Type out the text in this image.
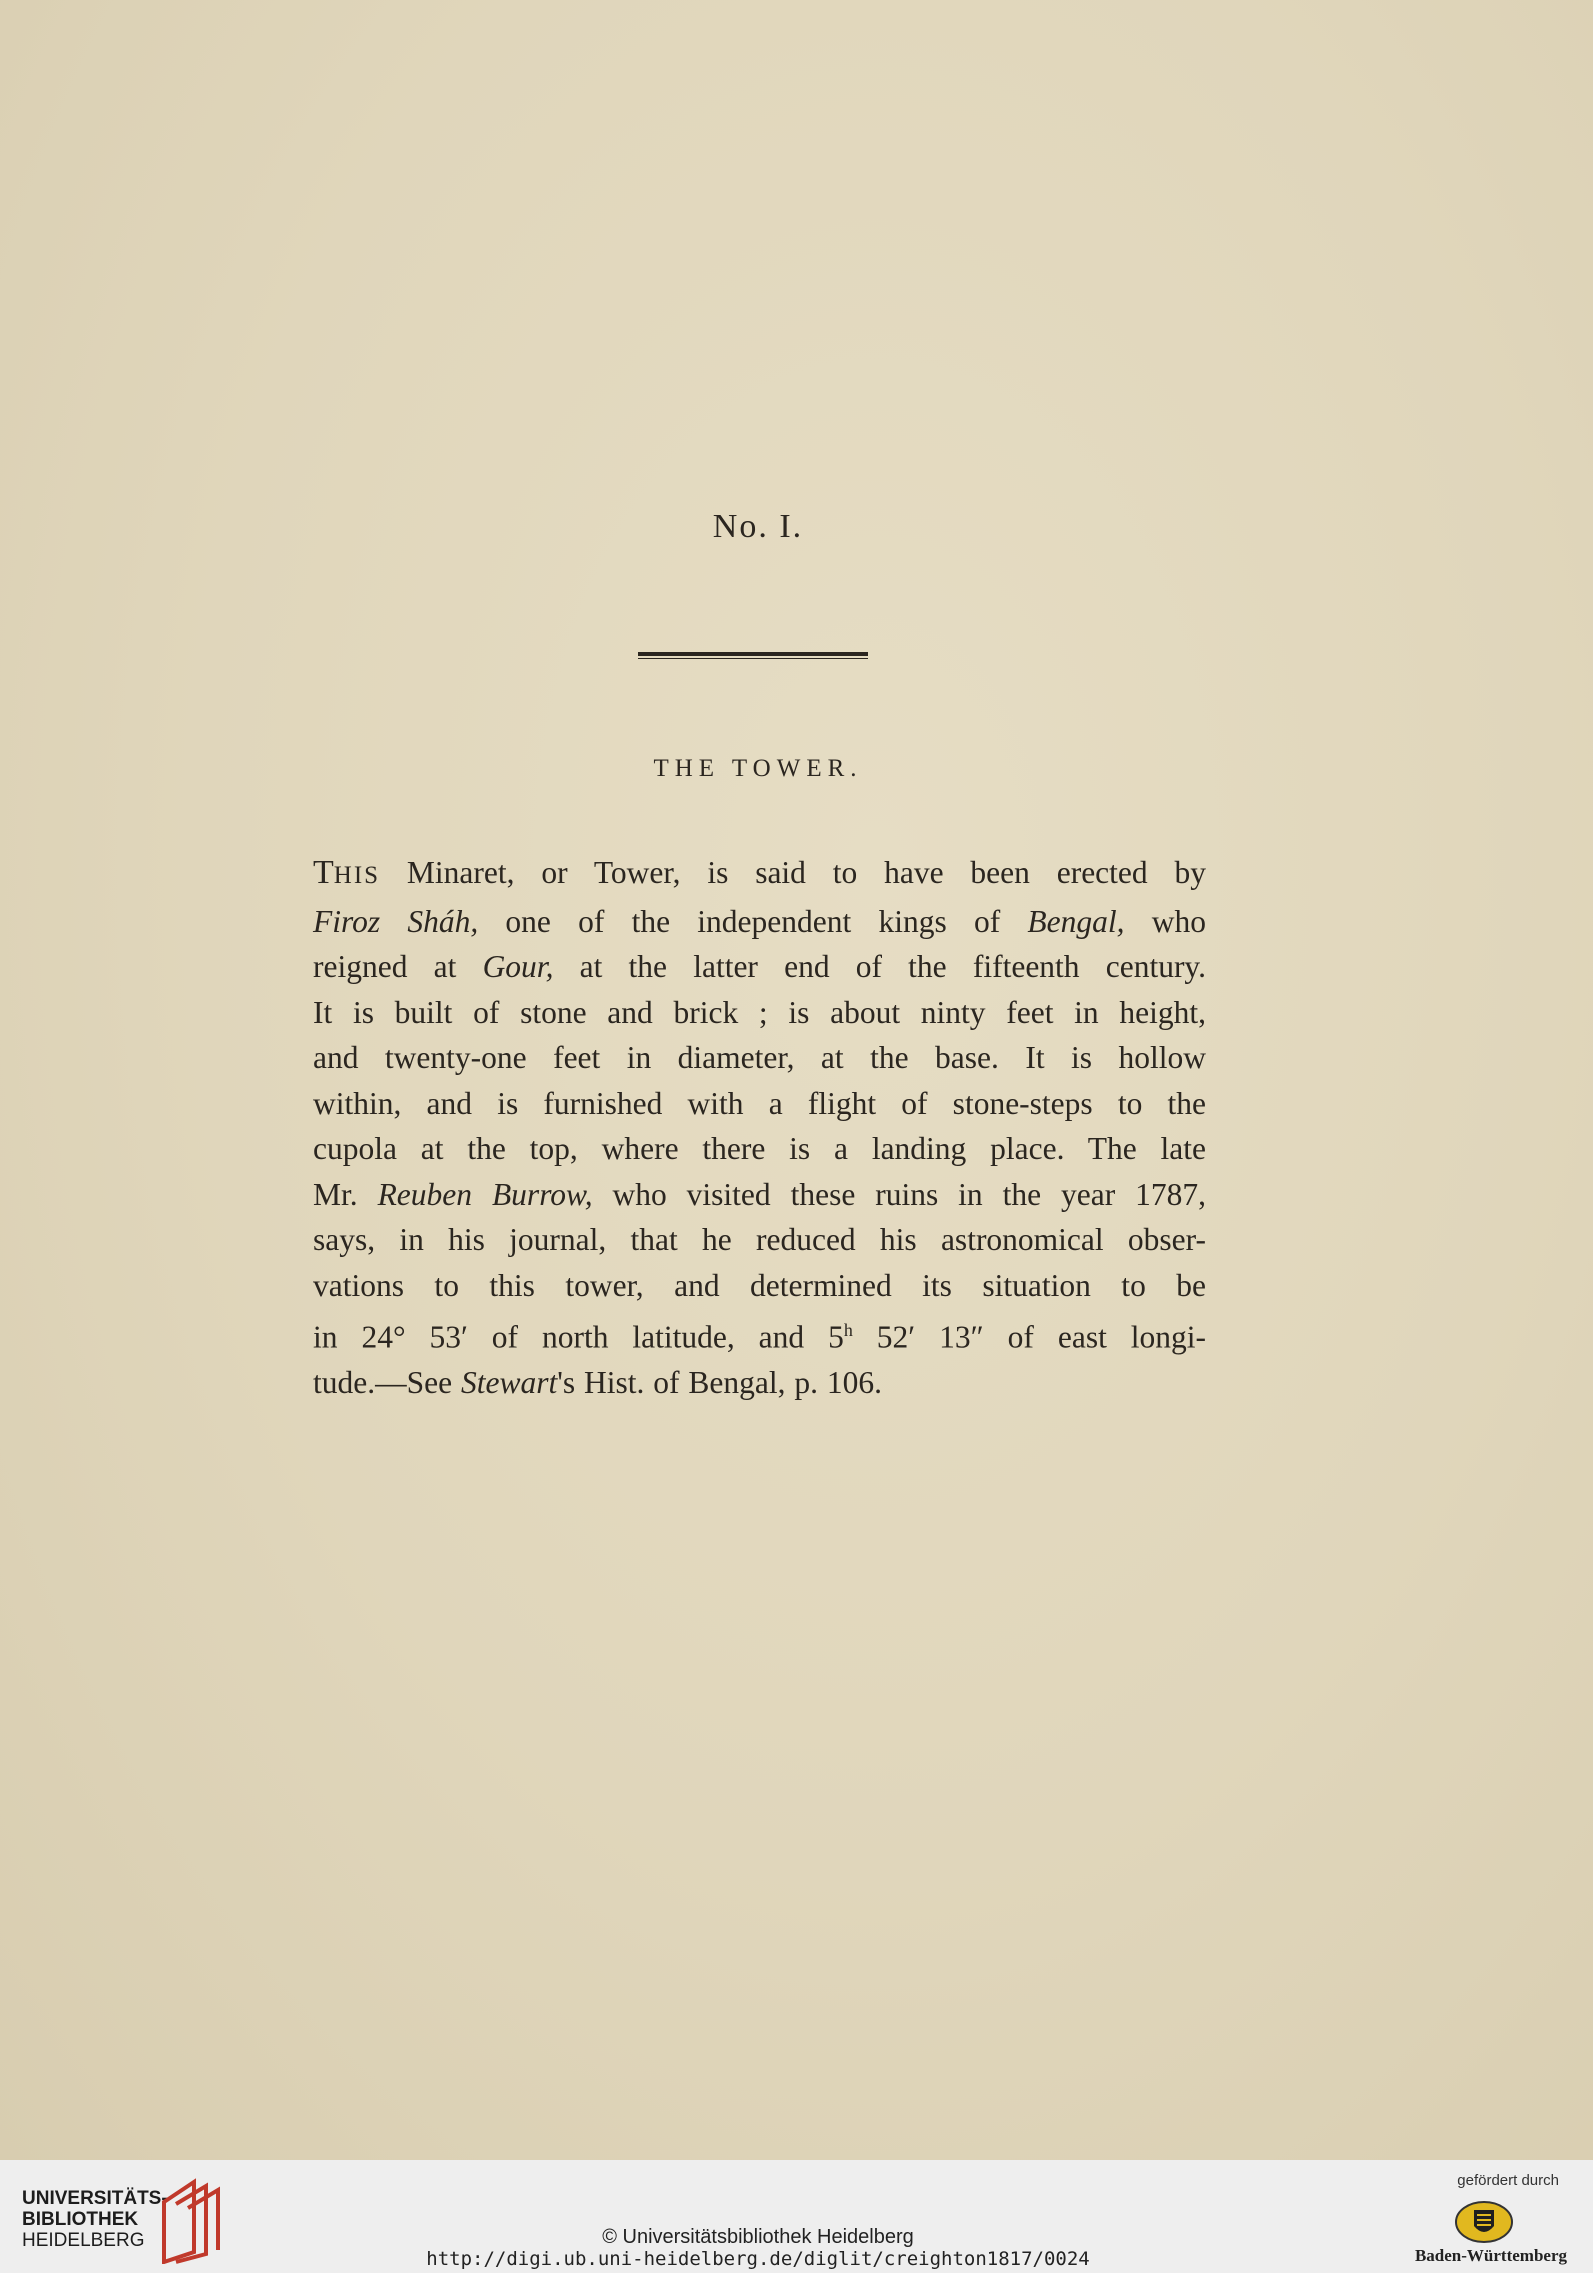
No. I.
THE TOWER.
THIS Minaret, or Tower, is said to have been erected by
Firoz Sháh, one of the independent kings of Bengal, who
reigned at Gour, at the latter end of the fifteenth century.
It is built of stone and brick ; is about ninty feet in height,
and twenty-one feet in diameter, at the base. It is hollow
within, and is furnished with a flight of stone-steps to the
cupola at the top, where there is a landing place. The late
Mr. Reuben Burrow, who visited these ruins in the year 1787,
says, in his journal, that he reduced his astronomical obser-
vations to this tower, and determined its situation to be
in 24° 53′ of north latitude, and 5$^h$ 52′ 13″ of east longi-
tude.—See Stewart's Hist. of Bengal, p. 106.
UNIVERSITÄTS-
BIBLIOTHEK
HEIDELBERG	© Universitätsbibliothek Heidelberg
http://digi.ub.uni-heidelberg.de/diglit/creighton1817/0024
gefördert durch
Baden-Württemberg
